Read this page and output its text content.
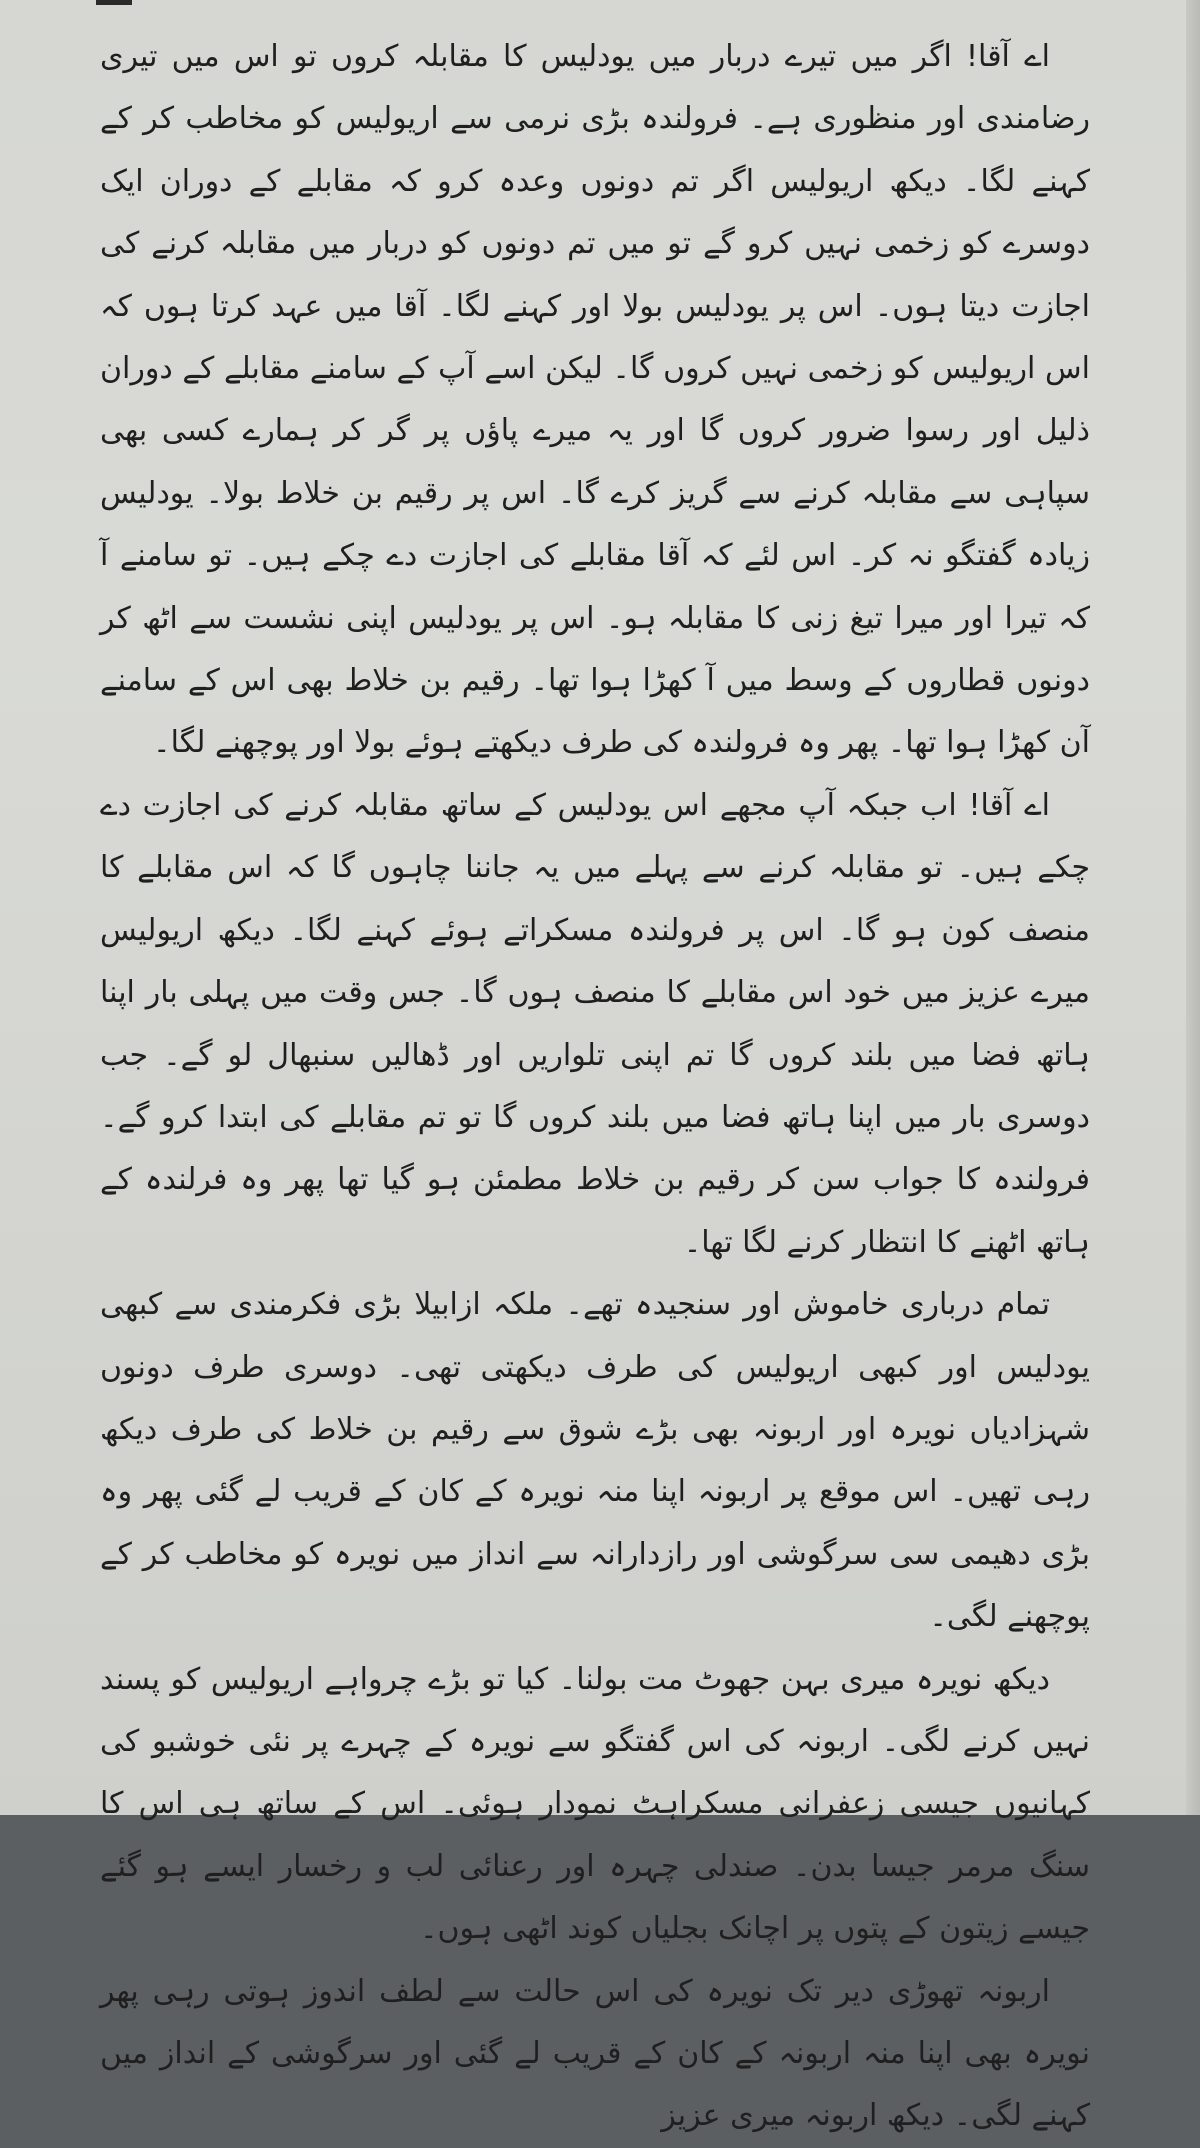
اے آقا! اگر میں تیرے دربار میں یودلیس کا مقابلہ کروں تو اس میں تیری رضامندی اور منظوری ہے۔ فرولندہ بڑی نرمی سے اریولیس کو مخاطب کر کے کہنے لگا۔ دیکھ اریولیس اگر تم دونوں وعدہ کرو کہ مقابلے کے دوران ایک دوسرے کو زخمی نہیں کرو گے تو میں تم دونوں کو دربار میں مقابلہ کرنے کی اجازت دیتا ہوں۔ اس پر یودلیس بولا اور کہنے لگا۔ آقا میں عہد کرتا ہوں کہ اس اریولیس کو زخمی نہیں کروں گا۔ لیکن اسے آپ کے سامنے مقابلے کے دوران ذلیل اور رسوا ضرور کروں گا اور یہ میرے پاؤں پر گر کر ہمارے کسی بھی سپاہی سے مقابلہ کرنے سے گریز کرے گا۔ اس پر رقیم بن خلاط بولا۔ یودلیس زیادہ گفتگو نہ کر۔ اس لئے کہ آقا مقابلے کی اجازت دے چکے ہیں۔ تو سامنے آ کہ تیرا اور میرا تیغ زنی کا مقابلہ ہو۔ اس پر یودلیس اپنی نشست سے اٹھ کر دونوں قطاروں کے وسط میں آ کھڑا ہوا تھا۔ رقیم بن خلاط بھی اس کے سامنے آن کھڑا ہوا تھا۔ پھر وہ فرولندہ کی طرف دیکھتے ہوئے بولا اور پوچھنے لگا۔

اے آقا! اب جبکہ آپ مجھے اس یودلیس کے ساتھ مقابلہ کرنے کی اجازت دے چکے ہیں۔ تو مقابلہ کرنے سے پہلے میں یہ جاننا چاہوں گا کہ اس مقابلے کا منصف کون ہو گا۔ اس پر فرولندہ مسکراتے ہوئے کہنے لگا۔ دیکھ اریولیس میرے عزیز میں خود اس مقابلے کا منصف ہوں گا۔ جس وقت میں پہلی بار اپنا ہاتھ فضا میں بلند کروں گا تم اپنی تلواریں اور ڈھالیں سنبھال لو گے۔ جب دوسری بار میں اپنا ہاتھ فضا میں بلند کروں گا تو تم مقابلے کی ابتدا کرو گے۔ فرولندہ کا جواب سن کر رقیم بن خلاط مطمئن ہو گیا تھا پھر وہ فرلندہ کے ہاتھ اٹھنے کا انتظار کرنے لگا تھا۔

تمام درباری خاموش اور سنجیدہ تھے۔ ملکہ ازابیلا بڑی فکرمندی سے کبھی یودلیس اور کبھی اریولیس کی طرف دیکھتی تھی۔ دوسری طرف دونوں شہزادیاں نویرہ اور اربونہ بھی بڑے شوق سے رقیم بن خلاط کی طرف دیکھ رہی تھیں۔ اس موقع پر اربونہ اپنا منہ نویرہ کے کان کے قریب لے گئی پھر وہ بڑی دھیمی سی سرگوشی اور رازدارانہ سے انداز میں نویرہ کو مخاطب کر کے پوچھنے لگی۔

دیکھ نویرہ میری بہن جھوٹ مت بولنا۔ کیا تو بڑے چرواہے اریولیس کو پسند نہیں کرنے لگی۔ اربونہ کی اس گفتگو سے نویرہ کے چہرے پر نئی خوشبو کی کہانیوں جیسی زعفرانی مسکراہٹ نمودار ہوئی۔ اس کے ساتھ ہی اس کا سنگ مرمر جیسا بدن۔ صندلی چہرہ اور رعنائی لب و رخسار ایسے ہو گئے جیسے زیتون کے پتوں پر اچانک بجلیاں کوند اٹھی ہوں۔

اربونہ تھوڑی دیر تک نویرہ کی اس حالت سے لطف اندوز ہوتی رہی پھر نویرہ بھی اپنا منہ اربونہ کے کان کے قریب لے گئی اور سرگوشی کے انداز میں کہنے لگی۔ دیکھ اربونہ میری عزیز
